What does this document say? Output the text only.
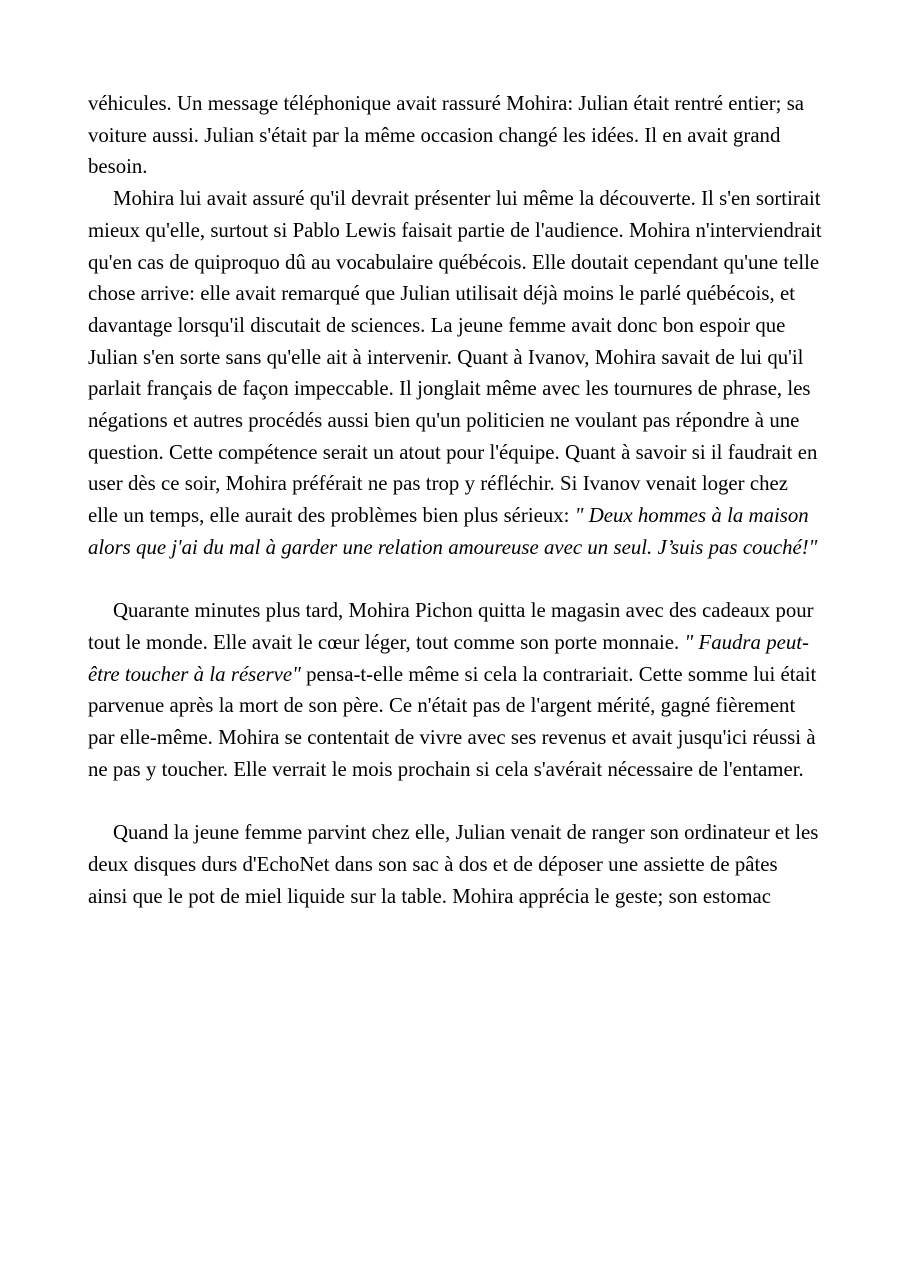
véhicules. Un message téléphonique avait rassuré Mohira: Julian était rentré entier; sa voiture aussi. Julian s'était par la même occasion changé les idées. Il en avait grand besoin.

Mohira lui avait assuré qu'il devrait présenter lui même la découverte. Il s'en sortirait mieux qu'elle, surtout si Pablo Lewis faisait partie de l'audience. Mohira n'interviendrait qu'en cas de quiproquo dû au vocabulaire québécois. Elle doutait cependant qu'une telle chose arrive: elle avait remarqué que Julian utilisait déjà moins le parlé québécois, et davantage lorsqu'il discutait de sciences. La jeune femme avait donc bon espoir que Julian s'en sorte sans qu'elle ait à intervenir. Quant à Ivanov, Mohira savait de lui qu'il parlait français de façon impeccable. Il jonglait même avec les tournures de phrase, les négations et autres procédés aussi bien qu'un politicien ne voulant pas répondre à une question. Cette compétence serait un atout pour l'équipe. Quant à savoir si il faudrait en user dès ce soir, Mohira préférait ne pas trop y réfléchir. Si Ivanov venait loger chez elle un temps, elle aurait des problèmes bien plus sérieux: " Deux hommes à la maison alors que j'ai du mal à garder une relation amoureuse avec un seul. J’suis pas couché!"

Quarante minutes plus tard, Mohira Pichon quitta le magasin avec des cadeaux pour tout le monde. Elle avait le cœur léger, tout comme son porte monnaie. " Faudra peut-être toucher à la réserve" pensa-t-elle même si cela la contrariait. Cette somme lui était parvenue après la mort de son père. Ce n'était pas de l'argent mérité, gagné fièrement par elle-même. Mohira se contentait de vivre avec ses revenus et avait jusqu'ici réussi à ne pas y toucher. Elle verrait le mois prochain si cela s'avérait nécessaire de l'entamer.

Quand la jeune femme parvint chez elle, Julian venait de ranger son ordinateur et les deux disques durs d'EchoNet dans son sac à dos et de déposer une assiette de pâtes ainsi que le pot de miel liquide sur la table. Mohira apprécia le geste; son estomac
